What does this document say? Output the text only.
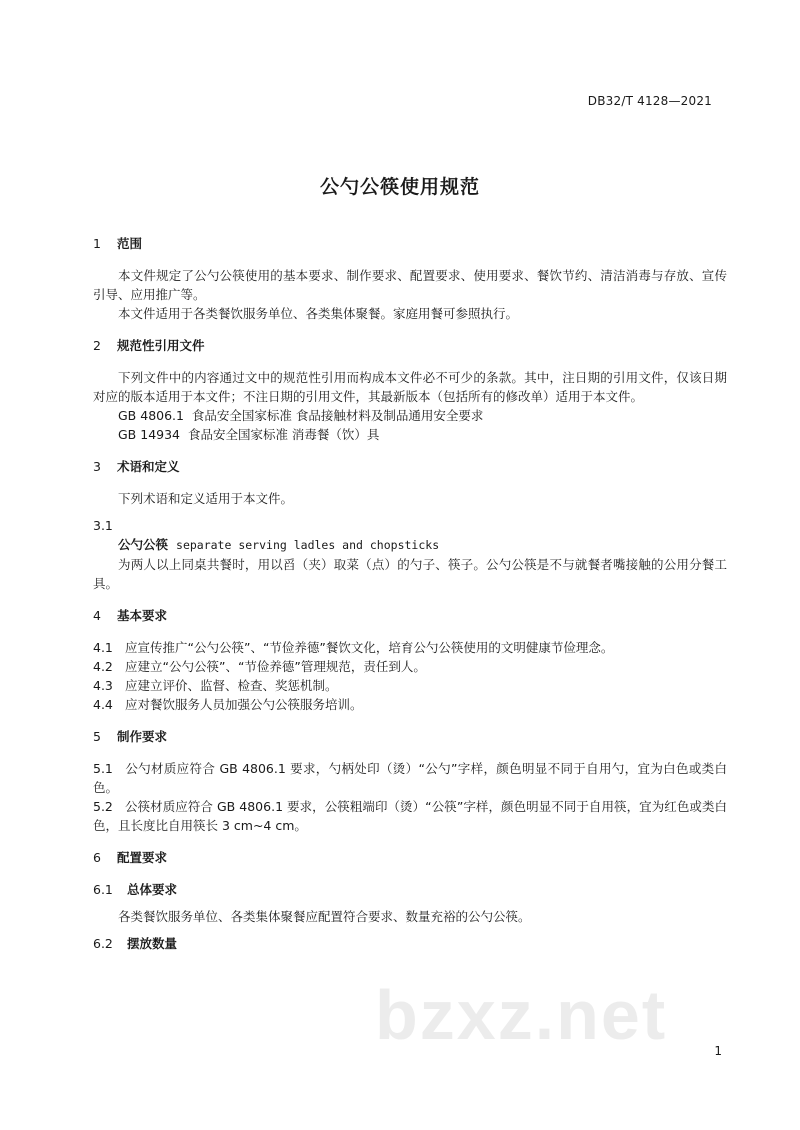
DB32/T 4128—2021
公勺公筷使用规范
1 范围

本文件规定了公勺公筷使用的基本要求、制作要求、配置要求、使用要求、餐饮节约、清洁消毒与存放、宣传引导、应用推广等。

本文件适用于各类餐饮服务单位、各类集体聚餐。家庭用餐可参照执行。

2 规范性引用文件

下列文件中的内容通过文中的规范性引用而构成本文件必不可少的条款。其中，注日期的引用文件，仅该日期对应的版本适用于本文件；不注日期的引用文件，其最新版本（包括所有的修改单）适用于本文件。

GB 4806.1  食品安全国家标准 食品接触材料及制品通用安全要求

GB 14934  食品安全国家标准 消毒餐（饮）具

3 术语和定义

下列术语和定义适用于本文件。

3.1

公勺公筷 separate serving ladles and chopsticks

为两人以上同桌共餐时，用以舀（夹）取菜（点）的勺子、筷子。公勺公筷是不与就餐者嘴接触的公用分餐工具。

4 基本要求

4.1 应宣传推广“公勺公筷”、“节俭养德”餐饮文化，培育公勺公筷使用的文明健康节俭理念。

4.2 应建立“公勺公筷”、“节俭养德”管理规范，责任到人。

4.3 应建立评价、监督、检查、奖惩机制。

4.4 应对餐饮服务人员加强公勺公筷服务培训。

5 制作要求

5.1 公勺材质应符合 GB 4806.1 要求，勺柄处印（烫）“公勺”字样，颜色明显不同于自用勺，宜为白色或类白色。

5.2 公筷材质应符合 GB 4806.1 要求，公筷粗端印（烫）“公筷”字样，颜色明显不同于自用筷，宜为红色或类白色，且长度比自用筷长 3 cm~4 cm。

6 配置要求
6.1 总体要求

各类餐饮服务单位、各类集体聚餐应配置符合要求、数量充裕的公勺公筷。

6.2 摆放数量
bzxz.net	1
